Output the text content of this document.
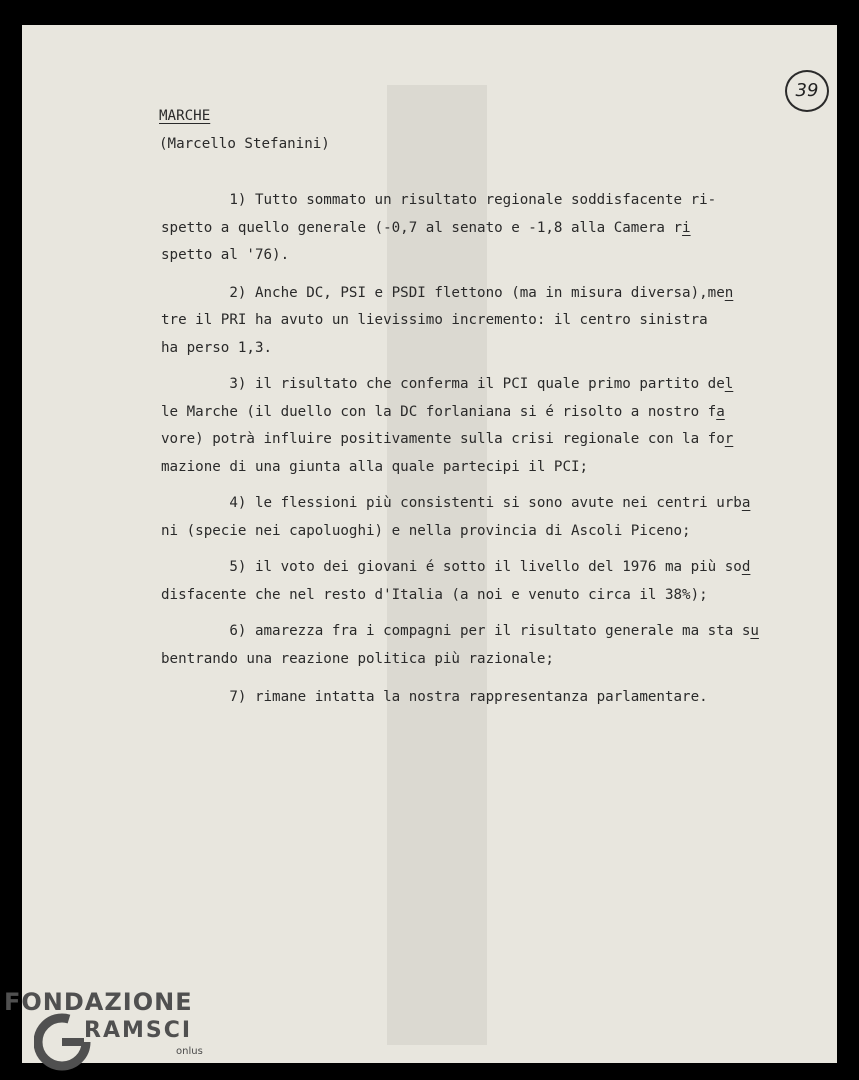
39
MARCHE
(Marcello Stefanini)
1) Tutto sommato un risultato regionale soddisfacente ri-
spetto a quello generale (-0,7 al senato e -1,8 alla Camera ri
spetto al '76).
2) Anche DC, PSI e PSDI flettono (ma in misura diversa),men
tre il PRI ha avuto un lievissimo incremento: il centro sinistra
ha perso 1,3.
3) il risultato che conferma il PCI quale primo partito del
le Marche (il duello con la DC forlaniana si é risolto a nostro fa
vore) potrà influire positivamente sulla crisi regionale con la for
mazione di una giunta alla quale partecipi il PCI;
4) le flessioni più consistenti si sono avute nei centri urba
ni (specie nei capoluoghi) e nella provincia di Ascoli Piceno;
5) il voto dei giovani é sotto il livello del 1976 ma più sod
disfacente che nel resto d'Italia (a noi e venuto circa il 38%);
6) amarezza fra i compagni per il risultato generale ma sta su
bentrando una reazione politica più razionale;
7) rimane intatta la nostra rappresentanza parlamentare.
FONDAZIONE
RAMSCI
onlus
